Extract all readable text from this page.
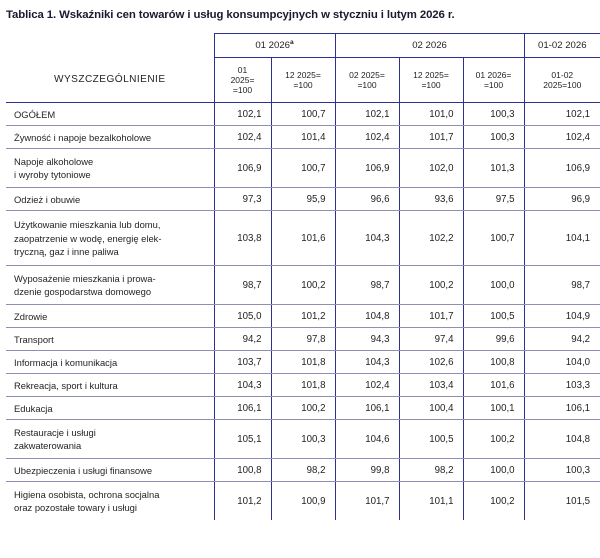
Tablica 1. Wskaźniki cen towarów i usług konsumpcyjnych w styczniu i lutym 2026 r.
	01 2026$^a$		02 2026			01-02 2026

WYSZCZEGÓLNIENIE	01
2025=
=100	12 2025=
=100	02 2025=
=100	12 2025=
=100	01 2026=
=100	01-02
2025=100
OGÓŁEM	102,1	100,7	102,1	101,0	100,3	102,1
Żywność i napoje bezalkoholowe	102,4	101,4	102,4	101,7	100,3	102,4
Napoje alkoholowe
i wyroby tytoniowe	106,9	100,7	106,9	102,0	101,3	106,9
Odzież i obuwie	97,3	95,9	96,6	93,6	97,5	96,9
Użytkowanie mieszkania lub domu,
zaopatrzenie w wodę, energię elek-
tryczną, gaz i inne paliwa	103,8	101,6	104,3	102,2	100,7	104,1
Wyposażenie mieszkania i prowa-
dzenie gospodarstwa domowego	98,7	100,2	98,7	100,2	100,0	98,7
Zdrowie	105,0	101,2	104,8	101,7	100,5	104,9
Transport	94,2	97,8	94,3	97,4	99,6	94,2
Informacja i komunikacja	103,7	101,8	104,3	102,6	100,8	104,0
Rekreacja, sport i kultura	104,3	101,8	102,4	103,4	101,6	103,3
Edukacja	106,1	100,2	106,1	100,4	100,1	106,1
Restauracje i usługi
zakwaterowania	105,1	100,3	104,6	100,5	100,2	104,8
Ubezpieczenia i usługi finansowe	100,8	98,2	99,8	98,2	100,0	100,3
Higiena osobista, ochrona socjalna
oraz pozostałe towary i usługi	101,2	100,9	101,7	101,1	100,2	101,5
